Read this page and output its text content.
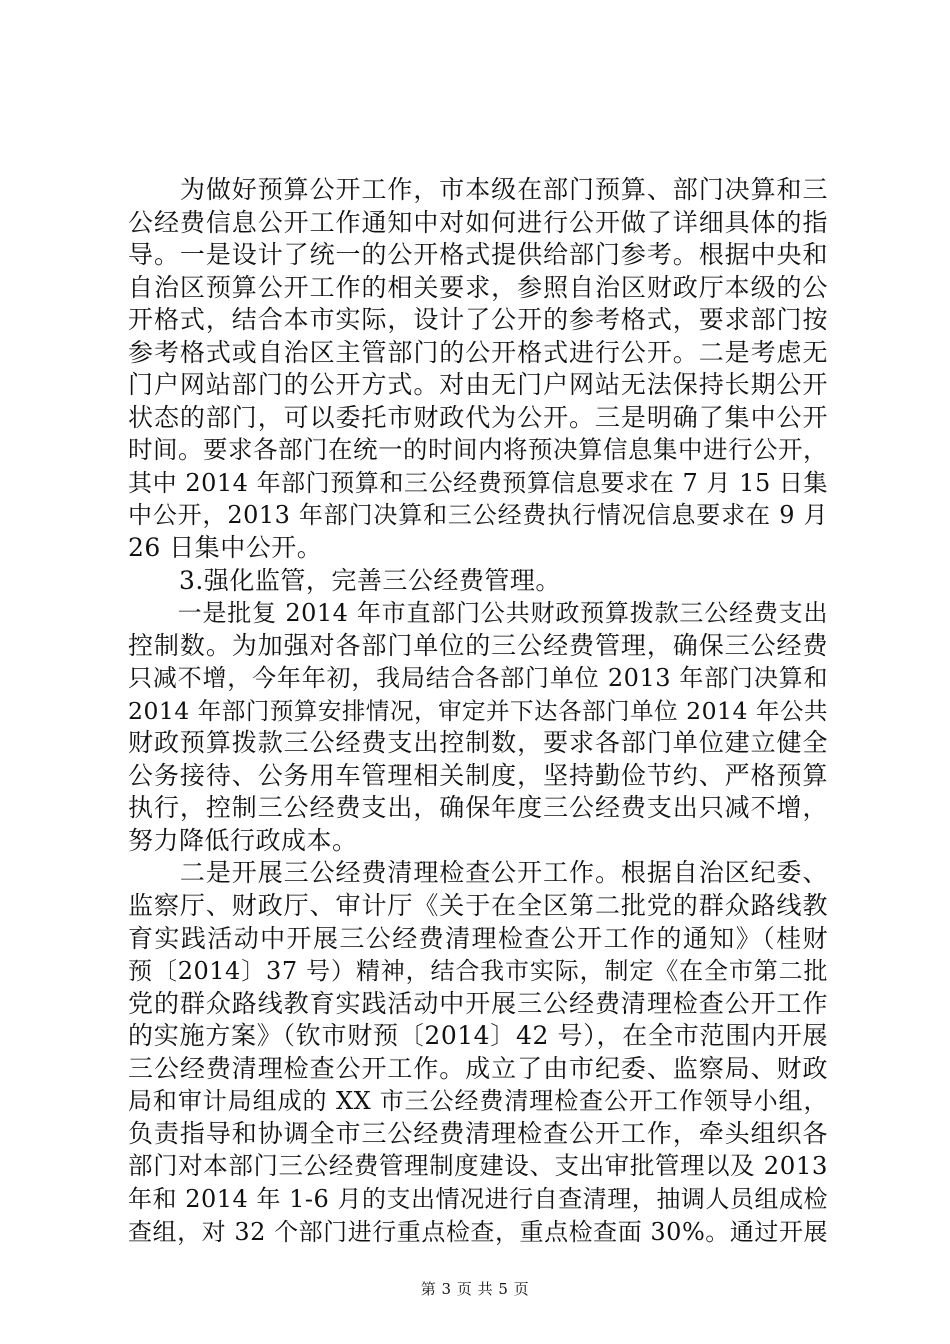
　　为做好预算公开工作，市本级在部门预算、部门决算和三
公经费信息公开工作通知中对如何进行公开做了详细具体的指
导。一是设计了统一的公开格式提供给部门参考。根据中央和
自治区预算公开工作的相关要求，参照自治区财政厅本级的公
开格式，结合本市实际，设计了公开的参考格式，要求部门按
参考格式或自治区主管部门的公开格式进行公开。二是考虑无
门户网站部门的公开方式。对由无门户网站无法保持长期公开
状态的部门，可以委托市财政代为公开。三是明确了集中公开
时间。要求各部门在统一的时间内将预决算信息集中进行公开，
其中 2014 年部门预算和三公经费预算信息要求在 7 月 15 日集
中公开，2013 年部门决算和三公经费执行情况信息要求在 9 月
26 日集中公开。
　　3.强化监管，完善三公经费管理。
　　一是批复 2014 年市直部门公共财政预算拨款三公经费支出
控制数。为加强对各部门单位的三公经费管理，确保三公经费
只减不增，今年年初，我局结合各部门单位 2013 年部门决算和
2014 年部门预算安排情况，审定并下达各部门单位 2014 年公共
财政预算拨款三公经费支出控制数，要求各部门单位建立健全
公务接待、公务用车管理相关制度，坚持勤俭节约、严格预算
执行，控制三公经费支出，确保年度三公经费支出只减不增，
努力降低行政成本。
　　二是开展三公经费清理检查公开工作。根据自治区纪委、
监察厅、财政厅、审计厅《关于在全区第二批党的群众路线教
育实践活动中开展三公经费清理检查公开工作的通知》（桂财
预〔2014〕37 号）精神，结合我市实际，制定《在全市第二批
党的群众路线教育实践活动中开展三公经费清理检查公开工作
的实施方案》（钦市财预〔2014〕42 号），在全市范围内开展
三公经费清理检查公开工作。成立了由市纪委、监察局、财政
局和审计局组成的 XX 市三公经费清理检查公开工作领导小组，
负责指导和协调全市三公经费清理检查公开工作，牵头组织各
部门对本部门三公经费管理制度建设、支出审批管理以及 2013
年和 2014 年 1-6 月的支出情况进行自查清理，抽调人员组成检
查组，对 32 个部门进行重点检查，重点检查面 30%。通过开展
第 3 页 共 5 页
